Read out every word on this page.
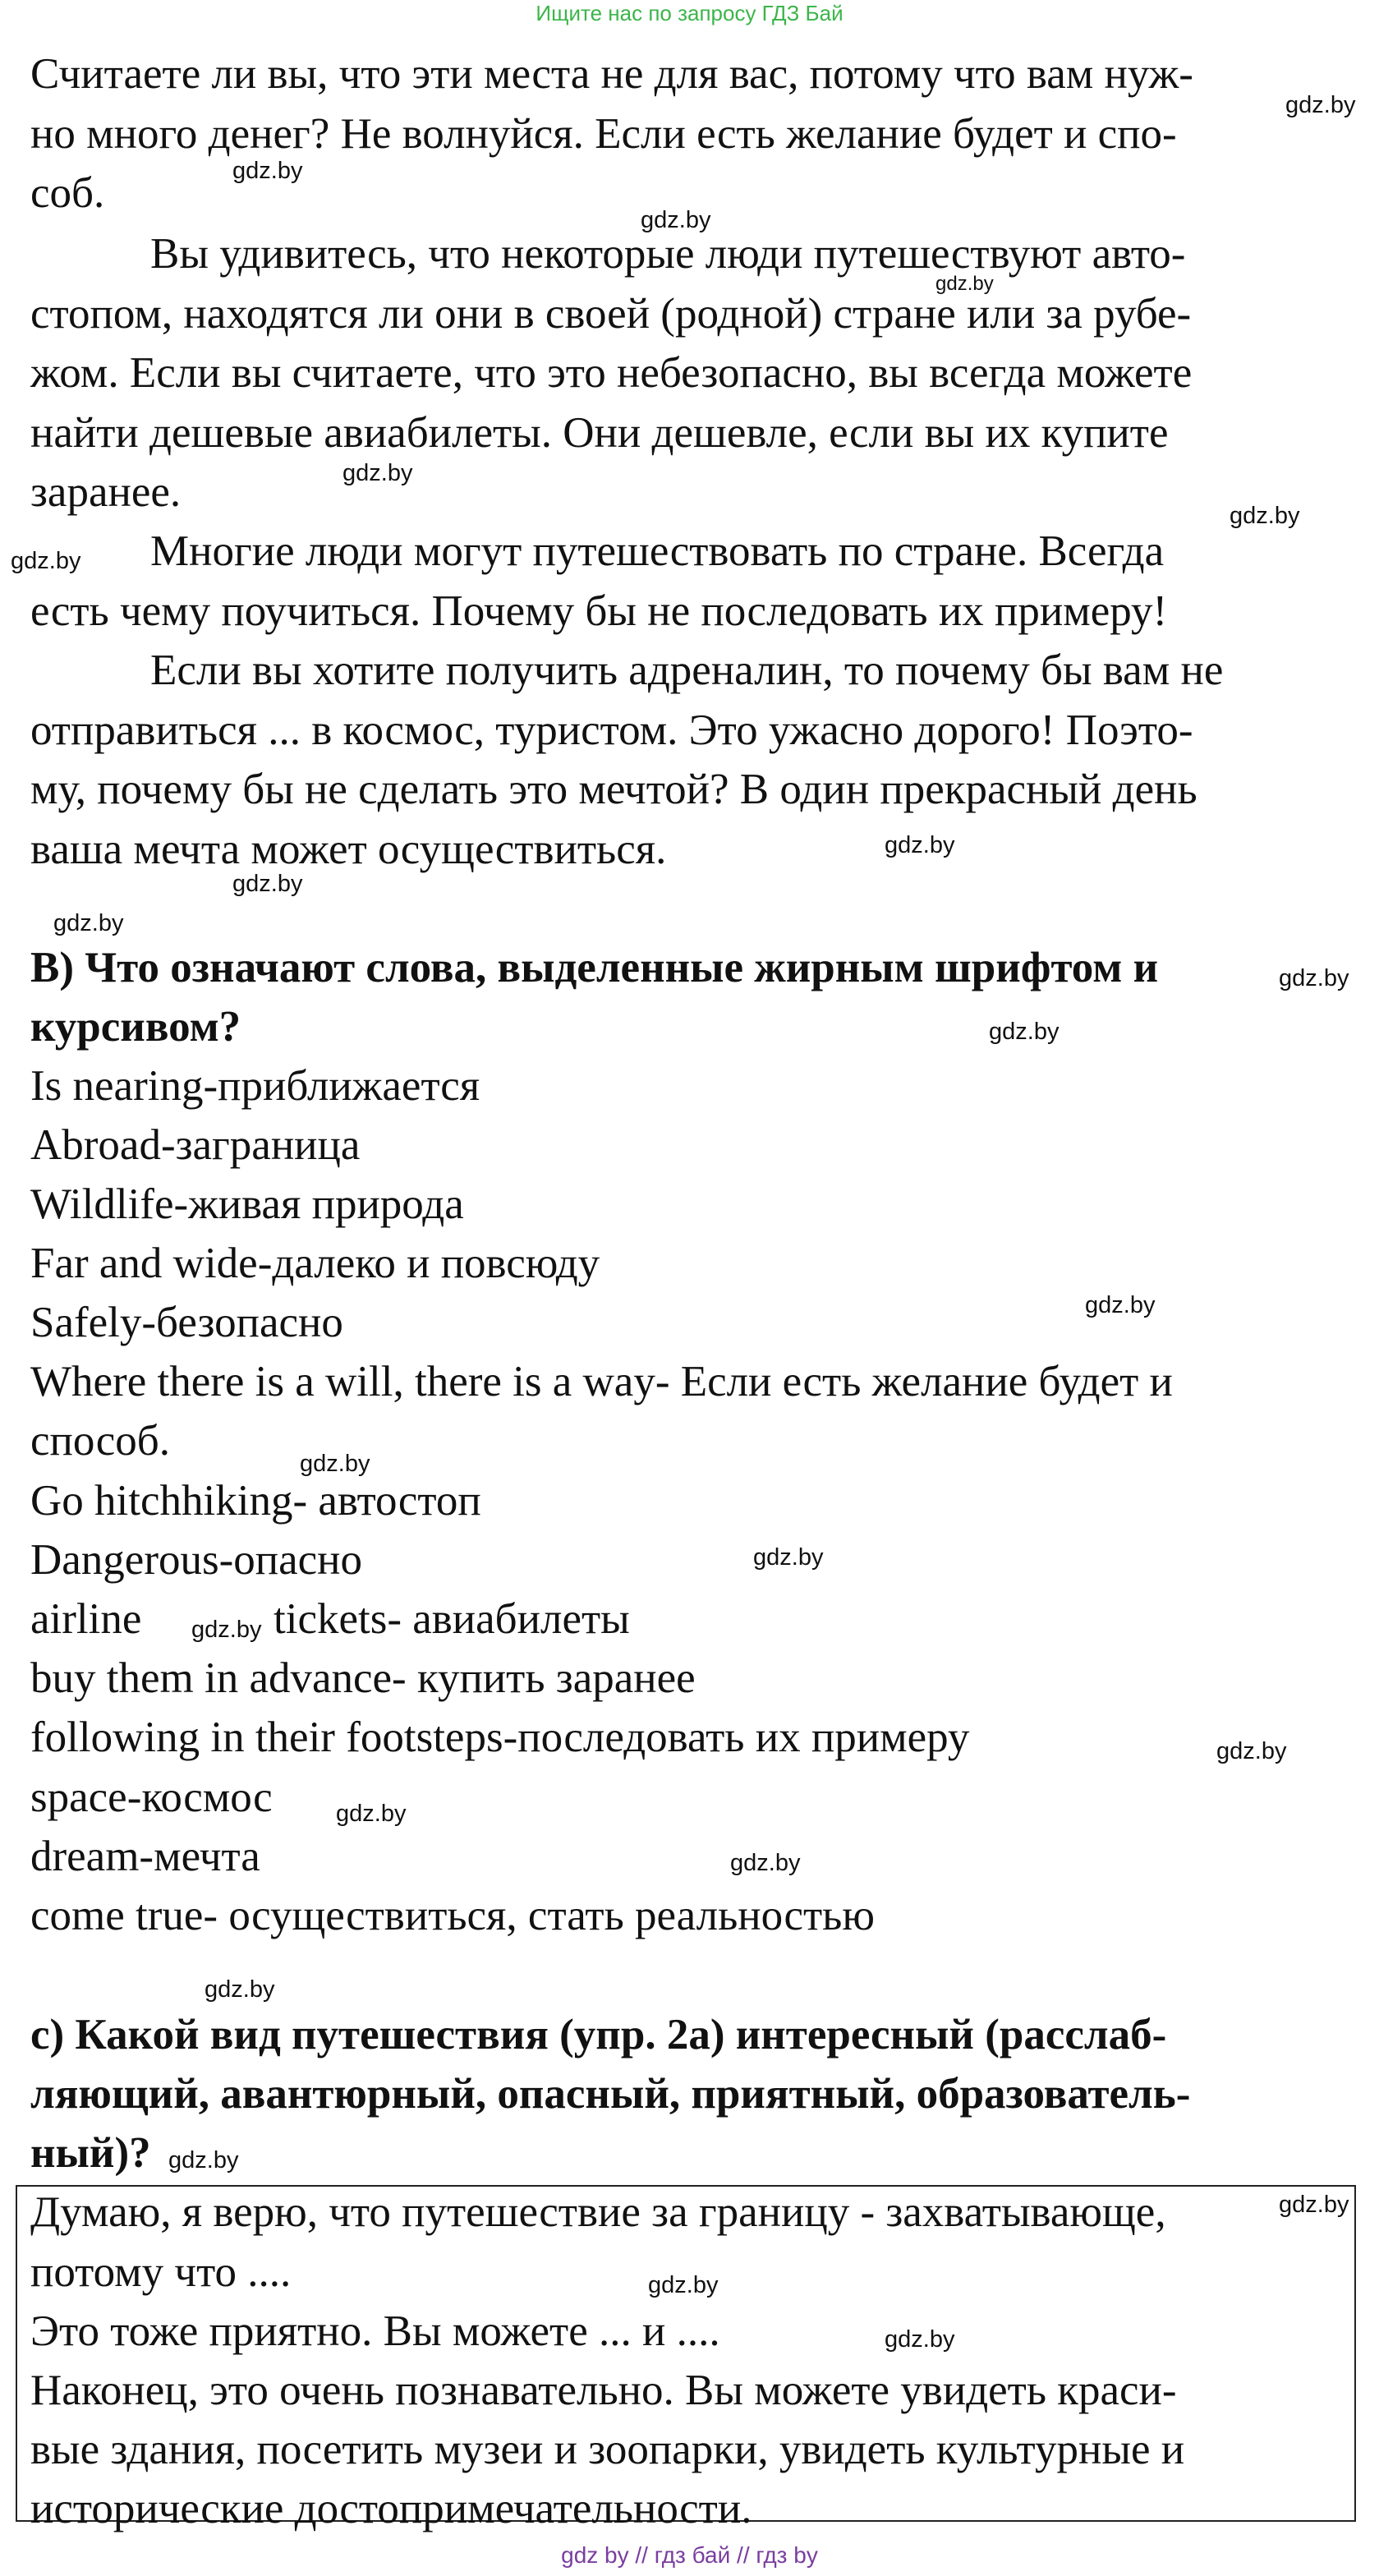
Ищите нас по запросу ГДЗ Бай
Считаете ли вы, что эти места не для вас, потому что вам нуж-
но много денег? Не волнуйся. Если есть желание будет и спо-
соб.
Вы удивитесь, что некоторые люди путешествуют авто-
стопом, находятся ли они в своей (родной) стране или за рубе-
жом. Если вы считаете, что это небезопасно, вы всегда можете
найти дешевые авиабилеты. Они дешевле, если вы их купите
заранее.
Многие люди могут путешествовать по стране. Всегда
есть чему поучиться. Почему бы не последовать их примеру!
Если вы хотите получить адреналин, то почему бы вам не
отправиться ... в космос, туристом. Это ужасно дорого! Поэто-
му, почему бы не сделать это мечтой? В один прекрасный день
ваша мечта может осуществиться.
B) Что означают слова, выделенные жирным шрифтом и
курсивом?
Is nearing-приближается
Abroad-заграница
Wildlife-живая природа
Far and wide-далеко и повсюду
Safely-безопасно
Where there is a will, there is a way- Если есть желание будет и
способ.
Go hitchhiking- автостоп
Dangerous-опасно
airline	tickets- авиабилеты
buy them in advance- купить заранее
following in their footsteps-последовать их примеру
space-космос
dream-мечта
come true- осуществиться, стать реальностью
c) Какой вид путешествия (упр. 2а) интересный (расслаб-
ляющий, авантюрный, опасный, приятный, образователь-
ный)?
Думаю, я верю, что путешествие за границу - захватывающе,
потому что ....
Это тоже приятно. Вы можете ... и ....
Наконец, это очень познавательно. Вы можете увидеть краси-
вые здания, посетить музеи и зоопарки, увидеть культурные и
исторические достопримечательности.
gdz.by
gdz.by
gdz.by
gdz.by
gdz.by
gdz.by
gdz.by
gdz.by
gdz.by
gdz.by
gdz.by
gdz.by
gdz.by
gdz.by
gdz.by
gdz.by
gdz.by
gdz.by
gdz.by
gdz.by
gdz.by
gdz.by
gdz.by
gdz.by
gdz by // гдз бай // гдз by
